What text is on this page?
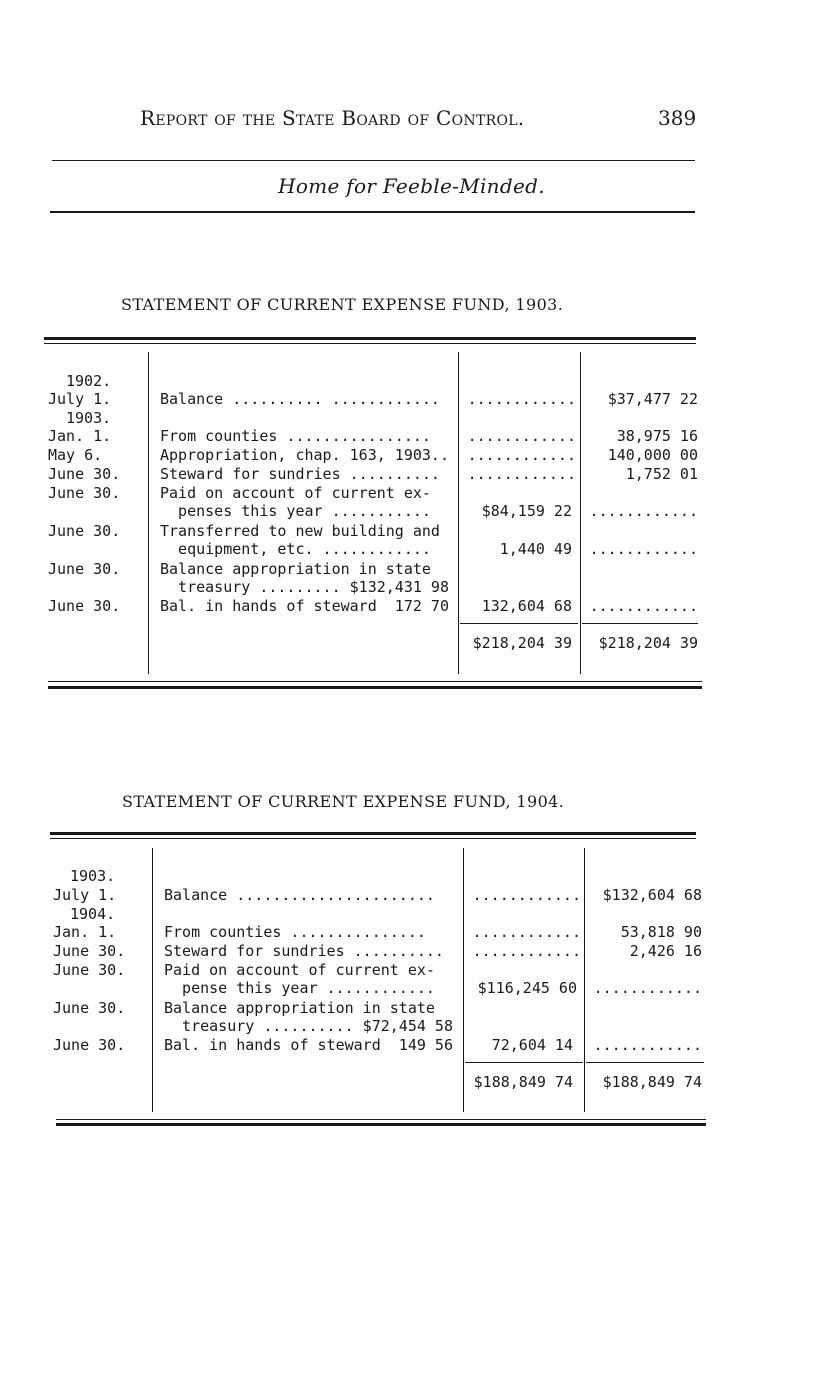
Report of the State Board of Control.	389
Home for Feeble-Minded.
STATEMENT OF CURRENT EXPENSE FUND, 1903.
1902.
July 1.	Balance .......... ............	............	$37,477 22
1903.
Jan. 1.	From counties ................	............	38,975 16
May 6.	Appropriation, chap. 163, 1903..	............	140,000 00
June 30.	Steward for sundries ..........	............	1,752 01
June 30.	Paid on account of current ex-
penses this year ...........	$84,159 22	............
June 30.	Transferred to new building and
equipment, etc. ............	1,440 49	............
June 30.	Balance appropriation in state
treasury ......... $132,431 98
June 30.	Bal. in hands of steward  172 70	132,604 68	............
$218,204 39	$218,204 39
STATEMENT OF CURRENT EXPENSE FUND, 1904.
1903.
July 1.	Balance ......................	............	$132,604 68
1904.
Jan. 1.	From counties ...............	............	53,818 90
June 30.	Steward for sundries ..........	............	2,426 16
June 30.	Paid on account of current ex-
pense this year ............	$116,245 60	............
June 30.	Balance appropriation in state
treasury .......... $72,454 58
June 30.	Bal. in hands of steward  149 56	72,604 14	............
$188,849 74	$188,849 74
